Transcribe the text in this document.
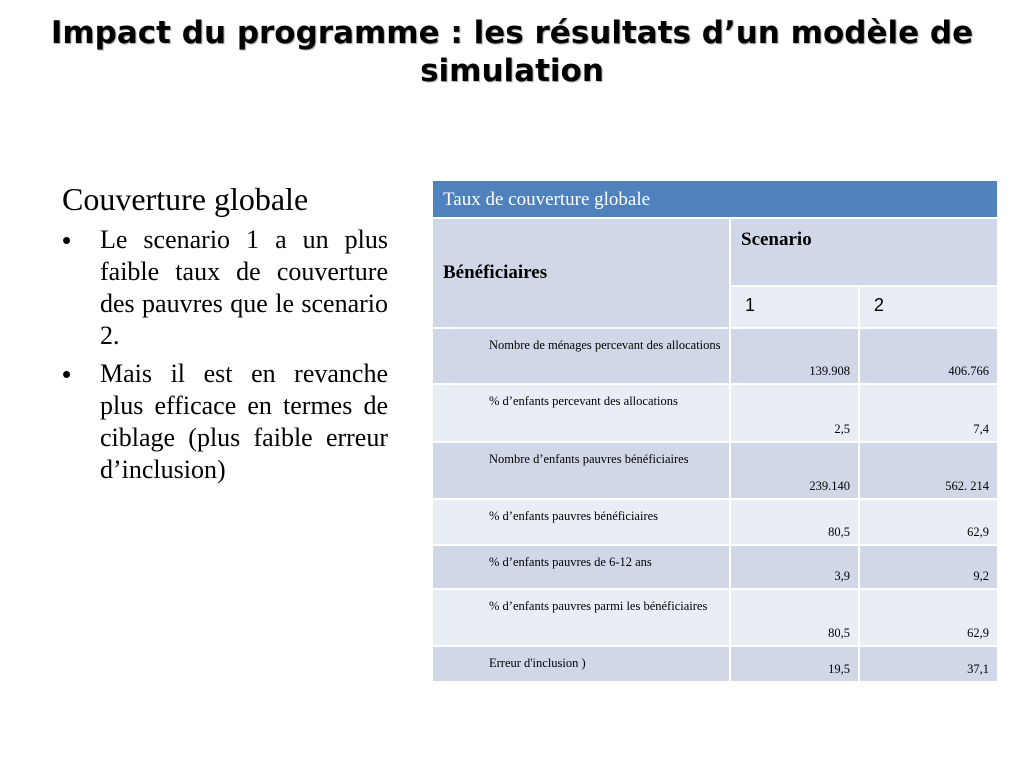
Impact du programme : les résultats d’un modèle de simulation
Couverture globale
• Le scenario 1 a un plus faible taux de couverture des pauvres que le scenario 2.
• Mais il est en revanche plus efficace en termes de ciblage (plus faible erreur d’inclusion)
Taux de couverture globale		
Bénéficiaires	Scenario	
	1	2
Nombre de ménages percevant des allocations	139.908	406.766
% d’enfants percevant des allocations	2,5	7,4
Nombre d’enfants pauvres bénéficiaires	239.140	562. 214
% d’enfants pauvres bénéficiaires	80,5	62,9
% d’enfants pauvres de 6-12 ans	3,9	9,2
% d’enfants pauvres parmi les bénéficiaires	80,5	62,9
Erreur d'inclusion )	19,5	37,1
